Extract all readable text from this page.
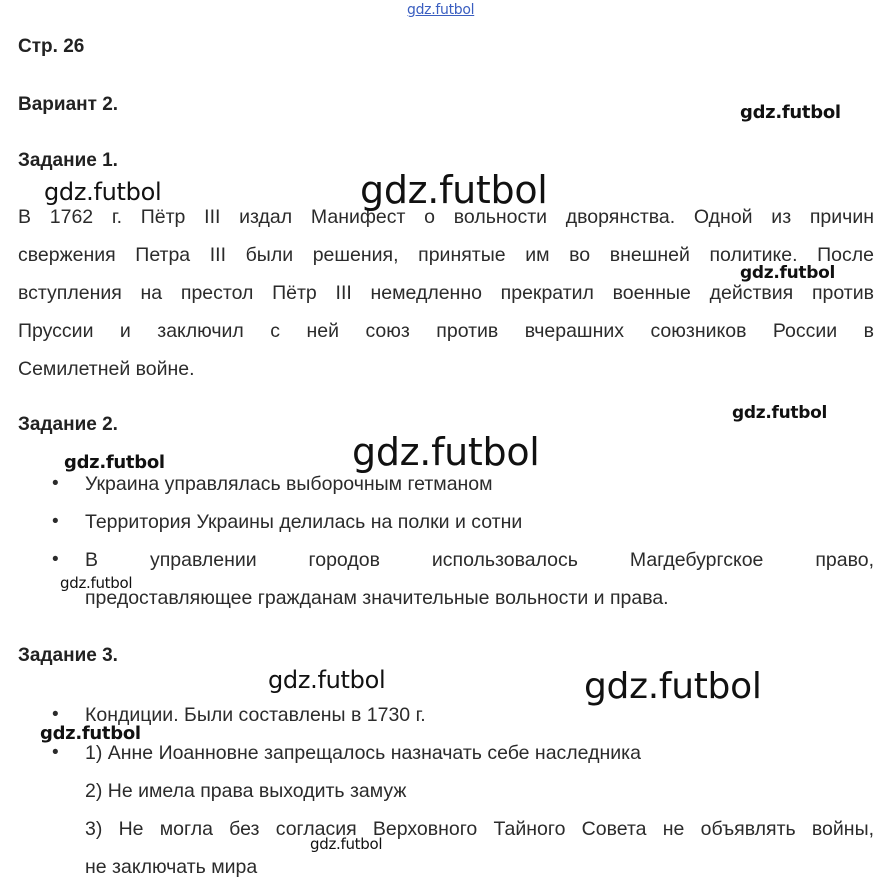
gdz.futbol
Стр. 26
Вариант 2.
Задание 1.
В 1762 г. Пётр III издал Манифест о вольности дворянства. Одной из причин
свержения Петра III были решения, принятые им во внешней политике. После
вступления на престол Пётр III немедленно прекратил военные действия против
Пруссии и заключил с ней союз против вчерашних союзников России в
Семилетней войне.
Задание 2.
• Украина управлялась выборочным гетманом
• Территория Украины делилась на полки и сотни
• В управлении городов использовалось Магдебургское право,
предоставляющее гражданам значительные вольности и права.
Задание 3.
• Кондиции. Были составлены в 1730 г.
• 1) Анне Иоанновне запрещалось назначать себе наследника
2) Не имела права выходить замуж
3) Не могла без согласия Верховного Тайного Совета не объявлять войны,
не заключать мира
gdz.futbol
gdz.futbol	gdz.futbol
gdz.futbol
gdz.futbol
gdz.futbol	gdz.futbol
gdz.futbol
gdz.futbol	gdz.futbol
gdz.futbol
gdz.futbol
